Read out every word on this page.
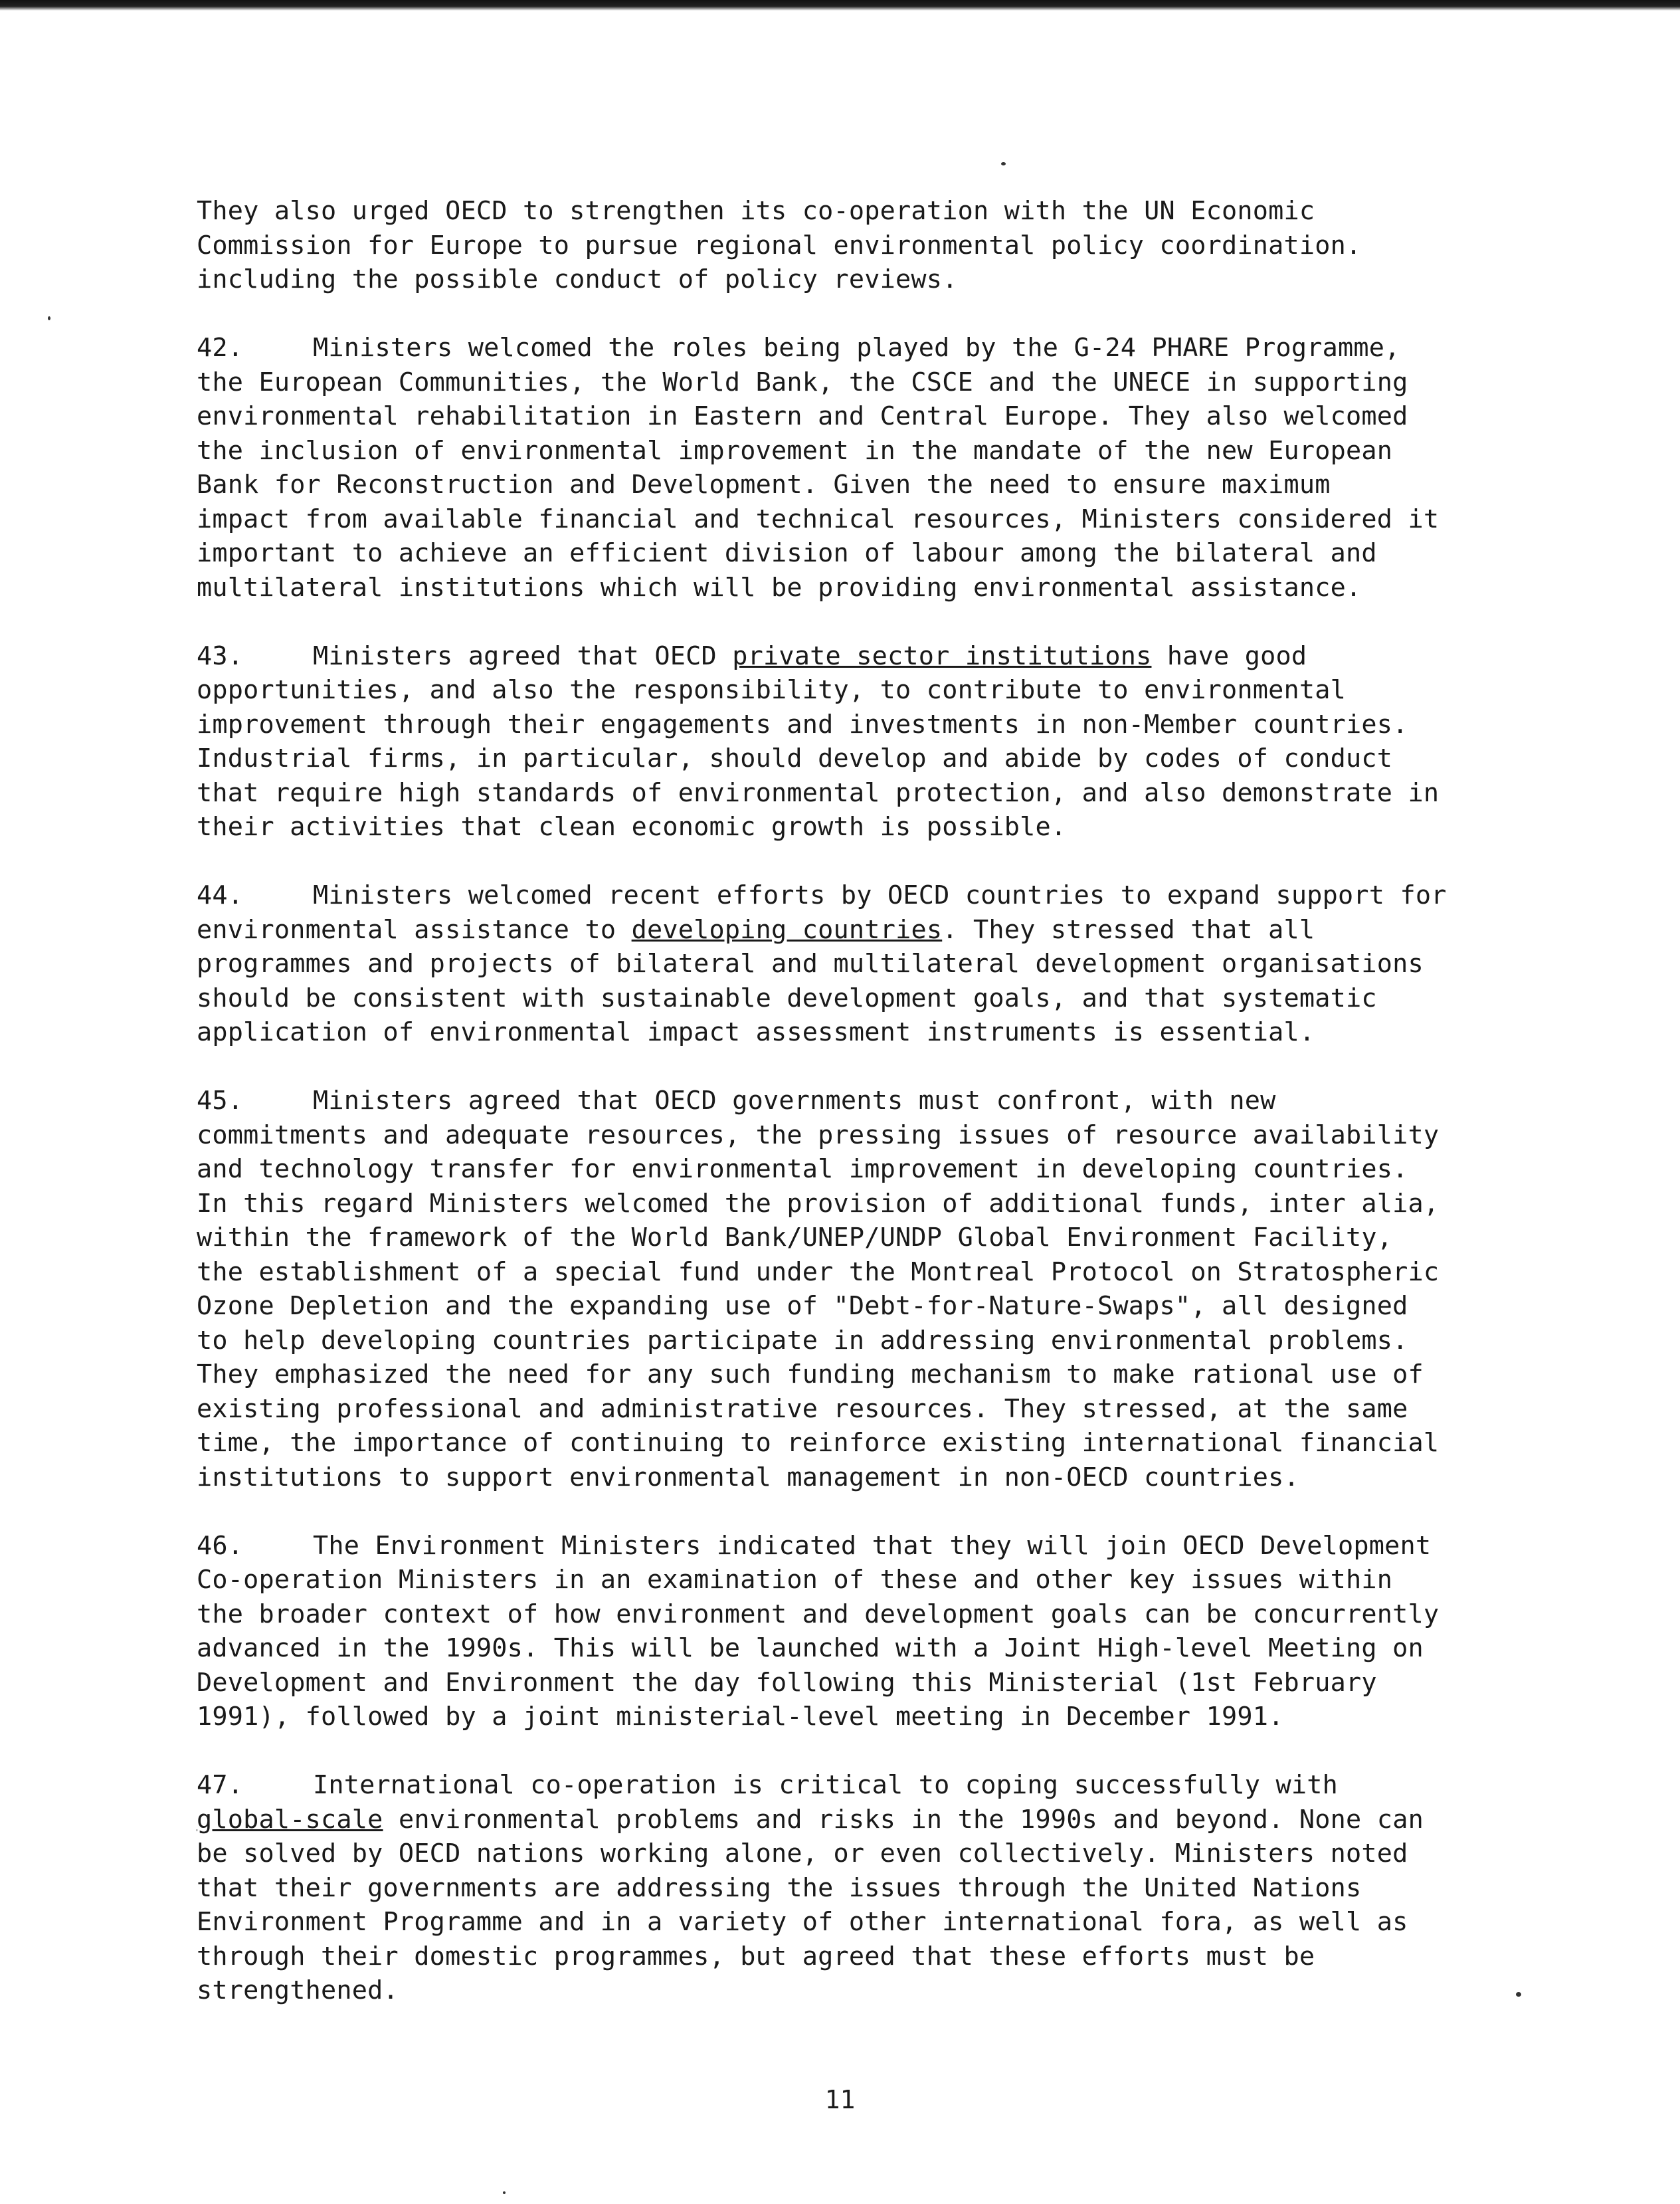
They also urged OECD to strengthen its co-operation with the UN Economic
Commission for Europe to pursue regional environmental policy coordination.
including the possible conduct of policy reviews.

42.	Ministers welcomed the roles being played by the G-24 PHARE Programme,
the European Communities, the World Bank, the CSCE and the UNECE in supporting
environmental rehabilitation in Eastern and Central Europe. They also welcomed
the inclusion of environmental improvement in the mandate of the new European
Bank for Reconstruction and Development. Given the need to ensure maximum
impact from available financial and technical resources, Ministers considered it
important to achieve an efficient division of labour among the bilateral and
multilateral institutions which will be providing environmental assistance.

43.	Ministers agreed that OECD private sector institutions have good
opportunities, and also the responsibility, to contribute to environmental
improvement through their engagements and investments in non-Member countries.
Industrial firms, in particular, should develop and abide by codes of conduct
that require high standards of environmental protection, and also demonstrate in
their activities that clean economic growth is possible.

44.	Ministers welcomed recent efforts by OECD countries to expand support for
environmental assistance to developing countries. They stressed that all
programmes and projects of bilateral and multilateral development organisations
should be consistent with sustainable development goals, and that systematic
application of environmental impact assessment instruments is essential.

45.	Ministers agreed that OECD governments must confront, with new
commitments and adequate resources, the pressing issues of resource availability
and technology transfer for environmental improvement in developing countries.
In this regard Ministers welcomed the provision of additional funds, inter alia,
within the framework of the World Bank/UNEP/UNDP Global Environment Facility,
the establishment of a special fund under the Montreal Protocol on Stratospheric
Ozone Depletion and the expanding use of "Debt-for-Nature-Swaps", all designed
to help developing countries participate in addressing environmental problems.
They emphasized the need for any such funding mechanism to make rational use of
existing professional and administrative resources. They stressed, at the same
time, the importance of continuing to reinforce existing international financial
institutions to support environmental management in non-OECD countries.

46.	The Environment Ministers indicated that they will join OECD Development
Co-operation Ministers in an examination of these and other key issues within
the broader context of how environment and development goals can be concurrently
advanced in the 1990s. This will be launched with a Joint High-level Meeting on
Development and Environment the day following this Ministerial (1st February
1991), followed by a joint ministerial-level meeting in December 1991.

47.	International co-operation is critical to coping successfully with
global-scale environmental problems and risks in the 1990s and beyond. None can
be solved by OECD nations working alone, or even collectively. Ministers noted
that their governments are addressing the issues through the United Nations
Environment Programme and in a variety of other international fora, as well as
through their domestic programmes, but agreed that these efforts must be
strengthened.

11
